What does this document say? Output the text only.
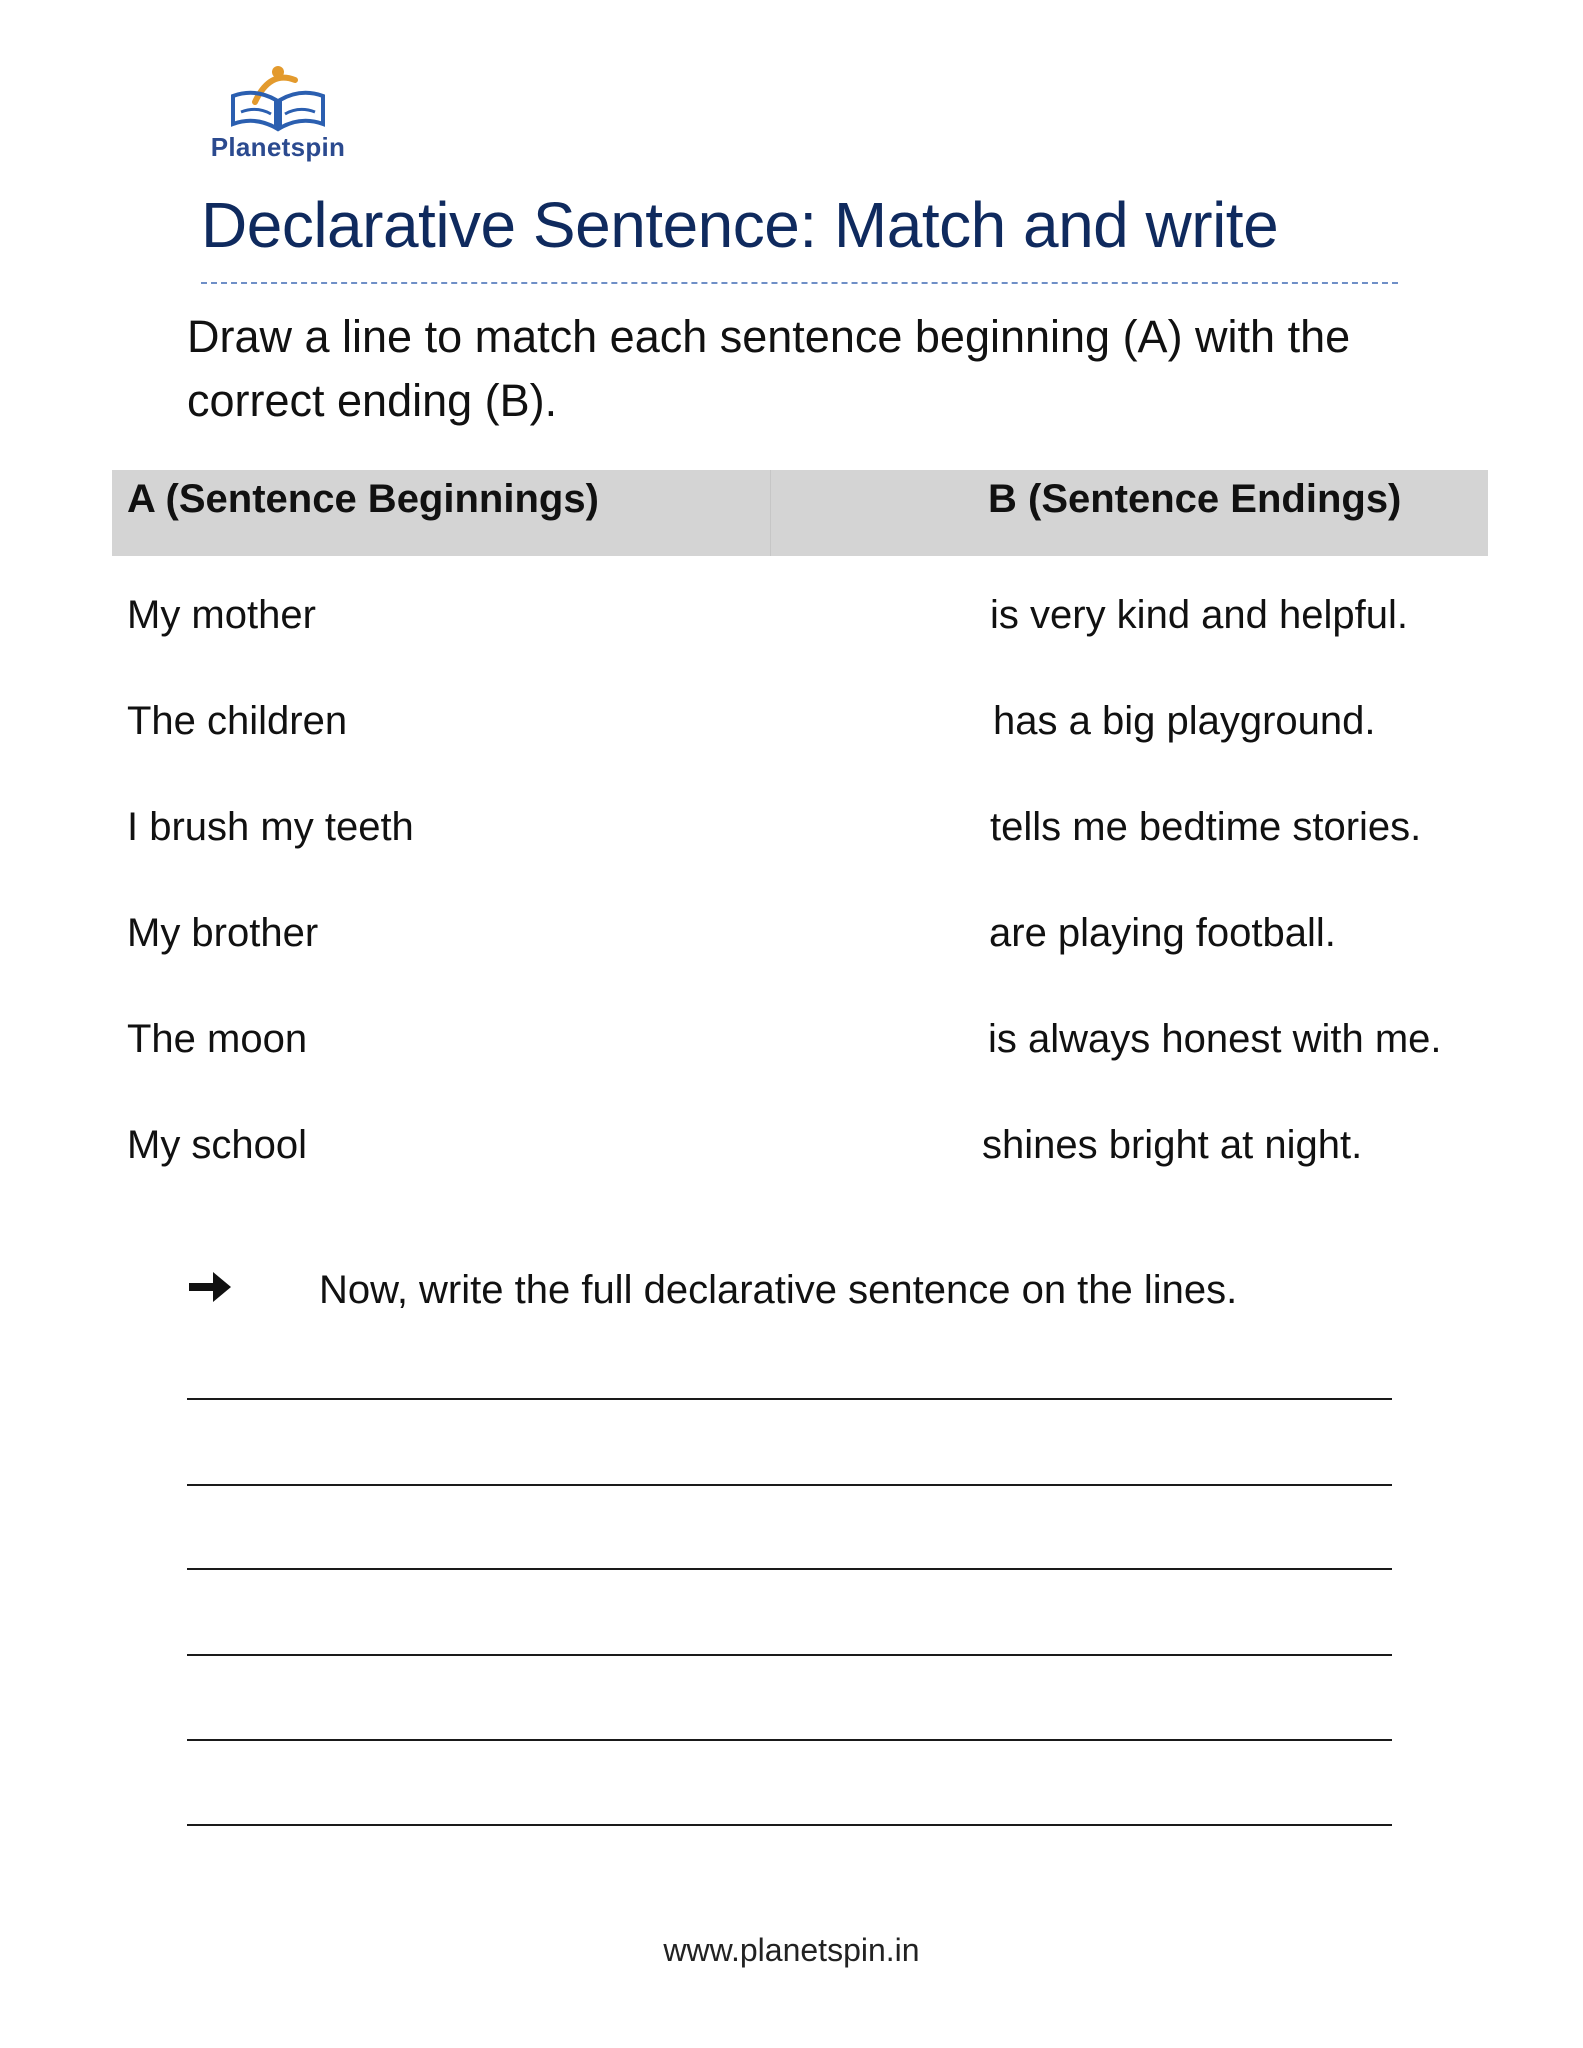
Planetspin
Declarative Sentence: Match and write
Draw a line to match each sentence beginning (A) with the correct ending (B).
A (Sentence Beginnings)	B (Sentence Endings)
My mother	is very kind and helpful.
The children	has a big playground.
I brush my teeth	tells me bedtime stories.
My brother	are playing football.
The moon	is always honest with me.
My school	shines bright at night.
Now, write the full declarative sentence on the lines.
www.planetspin.in
